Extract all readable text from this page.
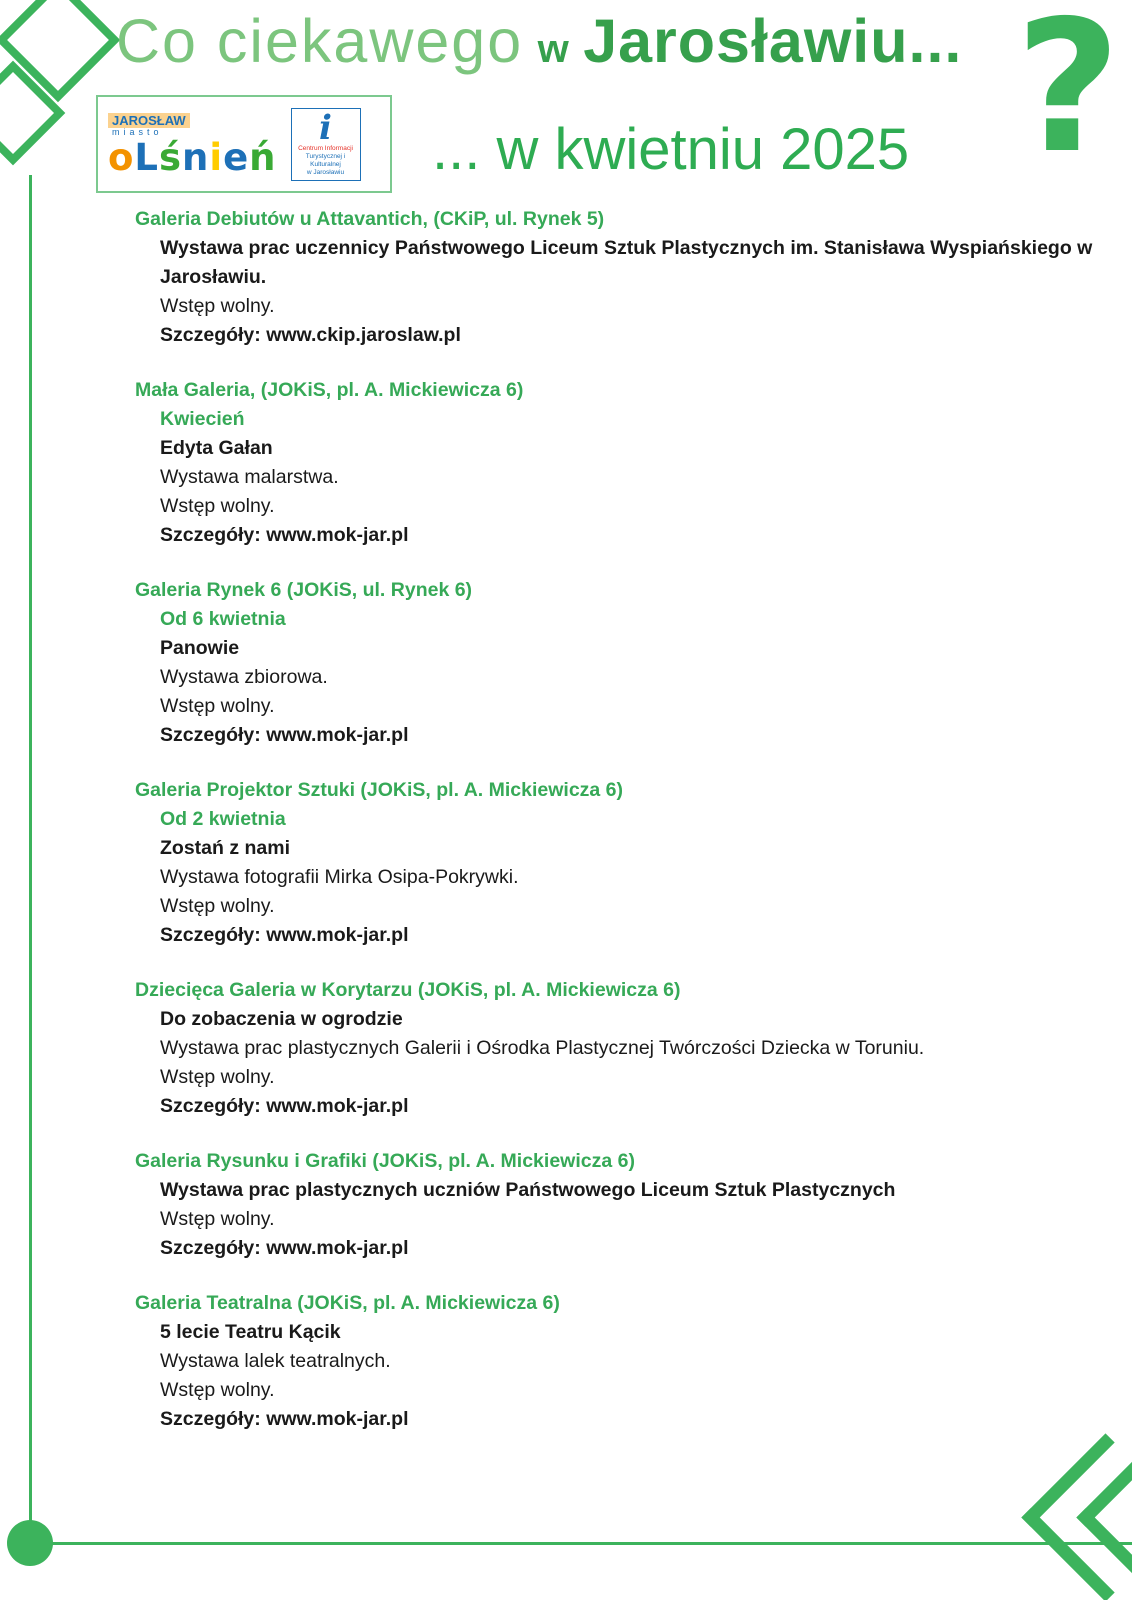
?
Co ciekawego w Jarosławiu...
JAROSŁAW
miasto
oLśnień
i
Centrum Informacji
Turystycznej i Kulturalnej
w Jarosławiu ... w kwietniu 2025
Galeria Debiutów u Attavantich, (CKiP, ul. Rynek 5)

Wystawa prac uczennicy Państwowego Liceum Sztuk Plastycznych im. Stanisława Wyspiańskiego w Jarosławiu.

Wstęp wolny.

Szczegóły: www.ckip.jaroslaw.pl

Mała Galeria, (JOKiS, pl. A. Mickiewicza 6)

Kwiecień

Edyta Gałan

Wystawa malarstwa.

Wstęp wolny.

Szczegóły: www.mok-jar.pl

Galeria Rynek 6 (JOKiS, ul. Rynek 6)

Od 6 kwietnia

Panowie

Wystawa zbiorowa.

Wstęp wolny.

Szczegóły: www.mok-jar.pl

Galeria Projektor Sztuki (JOKiS, pl. A. Mickiewicza 6)

Od 2 kwietnia

Zostań z nami

Wystawa fotografii Mirka Osipa-Pokrywki.

Wstęp wolny.

Szczegóły: www.mok-jar.pl

Dziecięca Galeria w Korytarzu (JOKiS, pl. A. Mickiewicza 6)

Do zobaczenia w ogrodzie

Wystawa prac plastycznych Galerii i Ośrodka Plastycznej Twórczości Dziecka w Toruniu.

Wstęp wolny.

Szczegóły: www.mok-jar.pl

Galeria Rysunku i Grafiki (JOKiS, pl. A. Mickiewicza 6)

Wystawa prac plastycznych uczniów Państwowego Liceum Sztuk Plastycznych

Wstęp wolny.

Szczegóły: www.mok-jar.pl

Galeria Teatralna (JOKiS, pl. A. Mickiewicza 6)

5 lecie Teatru Kącik

Wystawa lalek teatralnych.

Wstęp wolny.

Szczegóły: www.mok-jar.pl
